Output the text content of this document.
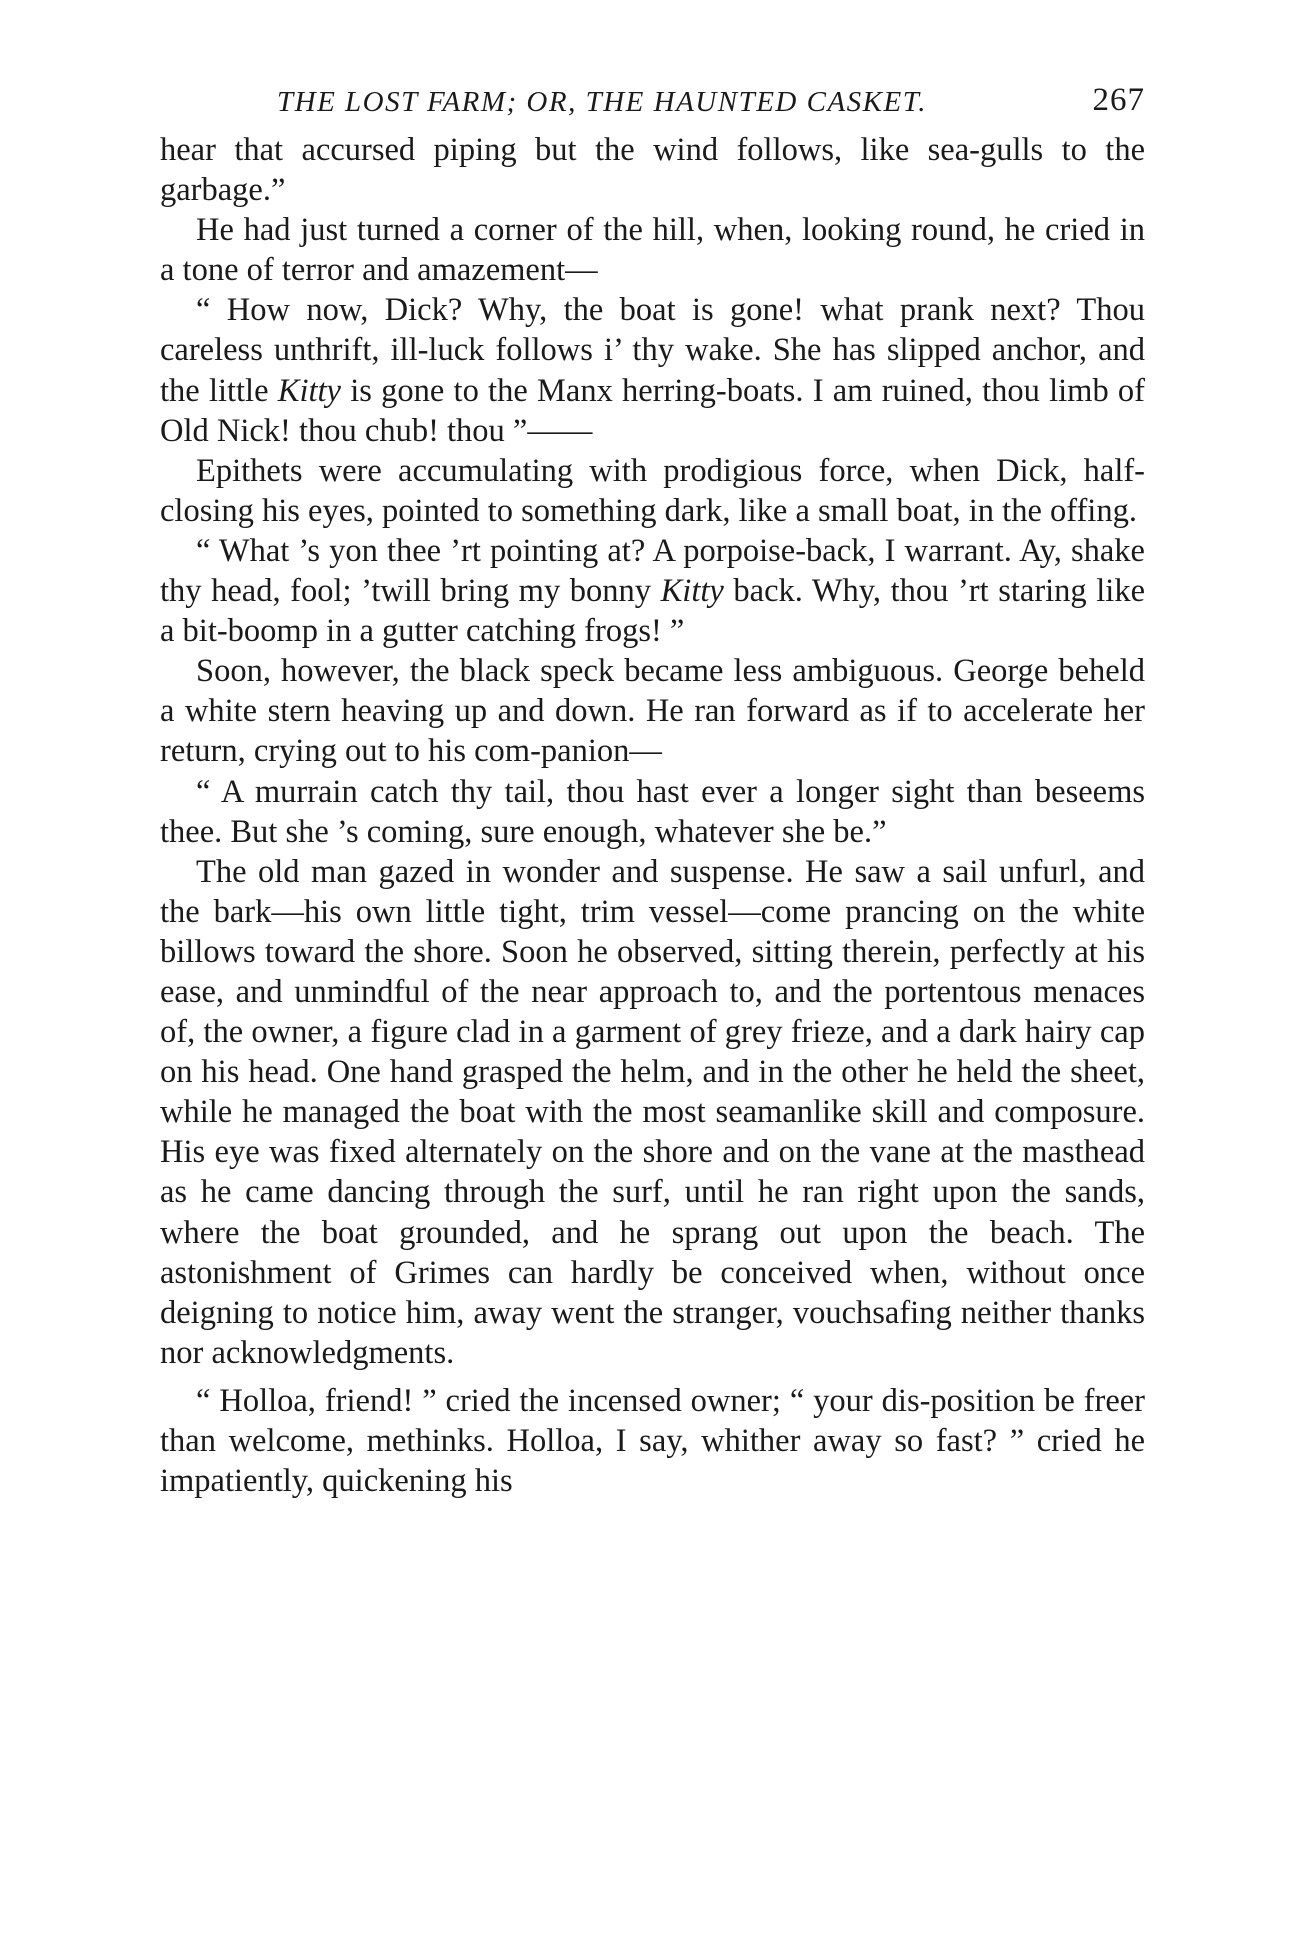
THE LOST FARM; OR, THE HAUNTED CASKET.	267

hear that accursed piping but the wind follows, like sea-gulls to the garbage.”

He had just turned a corner of the hill, when, looking round, he cried in a tone of terror and amazement—

“ How now, Dick? Why, the boat is gone! what prank next? Thou careless unthrift, ill-luck follows i’ thy wake. She has slipped anchor, and the little Kitty is gone to the Manx herring-boats. I am ruined, thou limb of Old Nick! thou chub! thou ”——

Epithets were accumulating with prodigious force, when Dick, half-closing his eyes, pointed to something dark, like a small boat, in the offing.

“ What ’s yon thee ’rt pointing at? A porpoise-back, I warrant. Ay, shake thy head, fool; ’twill bring my bonny Kitty back. Why, thou ’rt staring like a bit-boomp in a gutter catching frogs! ”

Soon, however, the black speck became less ambiguous. George beheld a white stern heaving up and down. He ran forward as if to accelerate her return, crying out to his com-panion—

“ A murrain catch thy tail, thou hast ever a longer sight than beseems thee. But she ’s coming, sure enough, whatever she be.”

The old man gazed in wonder and suspense. He saw a sail unfurl, and the bark—his own little tight, trim vessel—come prancing on the white billows toward the shore. Soon he observed, sitting therein, perfectly at his ease, and unmindful of the near approach to, and the portentous menaces of, the owner, a figure clad in a garment of grey frieze, and a dark hairy cap on his head. One hand grasped the helm, and in the other he held the sheet, while he managed the boat with the most seamanlike skill and composure. His eye was fixed alternately on the shore and on the vane at the masthead as he came dancing through the surf, until he ran right upon the sands, where the boat grounded, and he sprang out upon the beach. The astonishment of Grimes can hardly be conceived when, without once deigning to notice him, away went the stranger, vouchsafing neither thanks nor acknowledgments.

“ Holloa, friend! ” cried the incensed owner; “ your dis-position be freer than welcome, methinks. Holloa, I say, whither away so fast? ” cried he impatiently, quickening his
